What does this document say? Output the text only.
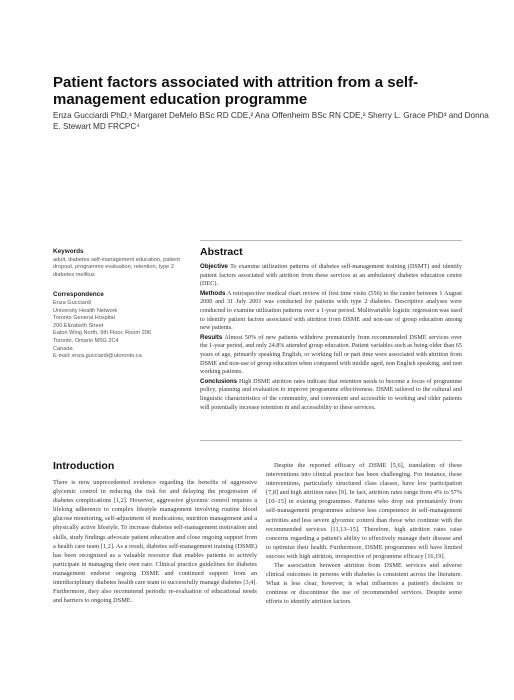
Patient factors associated with attrition from a self-management education programme
Enza Gucciardi PhD,¹ Margaret DeMelo BSc RD CDE,² Ana Offenheim BSc RN CDE,² Sherry L. Grace PhD³ and Donna E. Stewart MD FRCPC⁴
Keywords
adult, diabetes self-management education, patient dropout, programme evaluation, retention, type 2 diabetes mellitus
Correspondence
Enza Gucciardi
University Health Network
Toronto General Hospital
200 Elizabeth Street
Eaton Wing North, 9th Floor, Room 206
Toronto, Ontario M5G 2C4
Canada
E-mail: enza.gucciardi@utoronto.ca
Abstract

Objective To examine utilization patterns of diabetes self-management training (DSMT) and identify patient factors associated with attrition from these services at an ambulatory diabetes education centre (DEC).

Methods A retrospective medical chart review of first time visits (556) to the centre between 1 August 2000 and 31 July 2001 was conducted for patients with type 2 diabetes. Descriptive analyses were conducted to examine utilization patterns over a 1-year period. Multivariable logistic regression was used to identify patient factors associated with attrition from DSME and non-use of group education among new patients.

Results Almost 50% of new patients withdrew prematurely from recommended DSME services over the 1-year period, and only 24.8% attended group education. Patient variables such as being older than 65 years of age, primarily speaking English, or working full or part time were associated with attrition from DSME and non-use of group education when compared with middle aged, non English speaking, and non working patients.

Conclusions High DSME attrition rates indicate that retention needs to become a focus of programme policy, planning and evaluation to improve programme effectiveness. DSME tailored to the cultural and linguistic characteristics of the community, and convenient and accessible to working and older patients will potentially increase retention in and accessibility to these services.

Introduction

There is now unprecedented evidence regarding the benefits of aggressive glycemic control in reducing the risk for and delaying the progression of diabetes complications [1,2]. However, aggressive glycemic control requires a lifelong adherence to complex lifestyle management involving routine blood glucose monitoring, self-adjustment of medications, nutrition management and a physically active lifestyle. To increase diabetes self-management motivation and skills, study findings advocate patient education and close ongoing support from a health care team [1,2]. As a result, diabetes self-management training (DSME) has been recognized as a valuable resource that enables patients to actively participate in managing their own care. Clinical practice guidelines for diabetes management endorse ongoing DSME and continued support from an interdisciplinary diabetes health care team to successfully manage diabetes [3,4]. Furthermore, they also recommend periodic re-evaluation of educational needs and barriers to ongoing DSME.

Despite the reported efficacy of DSME [5,6], translation of these interventions into clinical practice has been challenging. For instance, these interventions, particularly structured class classes, have low participation [7,8] and high attrition rates [9]. In fact, attrition rates range from 4% to 57% [10–15] in existing programmes. Patients who drop out prematurely from self-management programmes achieve less competence in self-management activities and less severe glycemic control than those who continue with the recommended services [11,13–15]. Therefore, high attrition rates raise concerns regarding a patient's ability to effectively manage their disease and to optimize their health. Furthermore, DSME programmes will have limited success with high attrition, irrespective of programme efficacy [16,19].

The association between attrition from DSME services and adverse clinical outcomes in persons with diabetes is consistent across the literature. What is less clear, however, is what influences a patient's decision to continue or discontinue the use of recommended services. Despite some efforts to identify attrition factors
